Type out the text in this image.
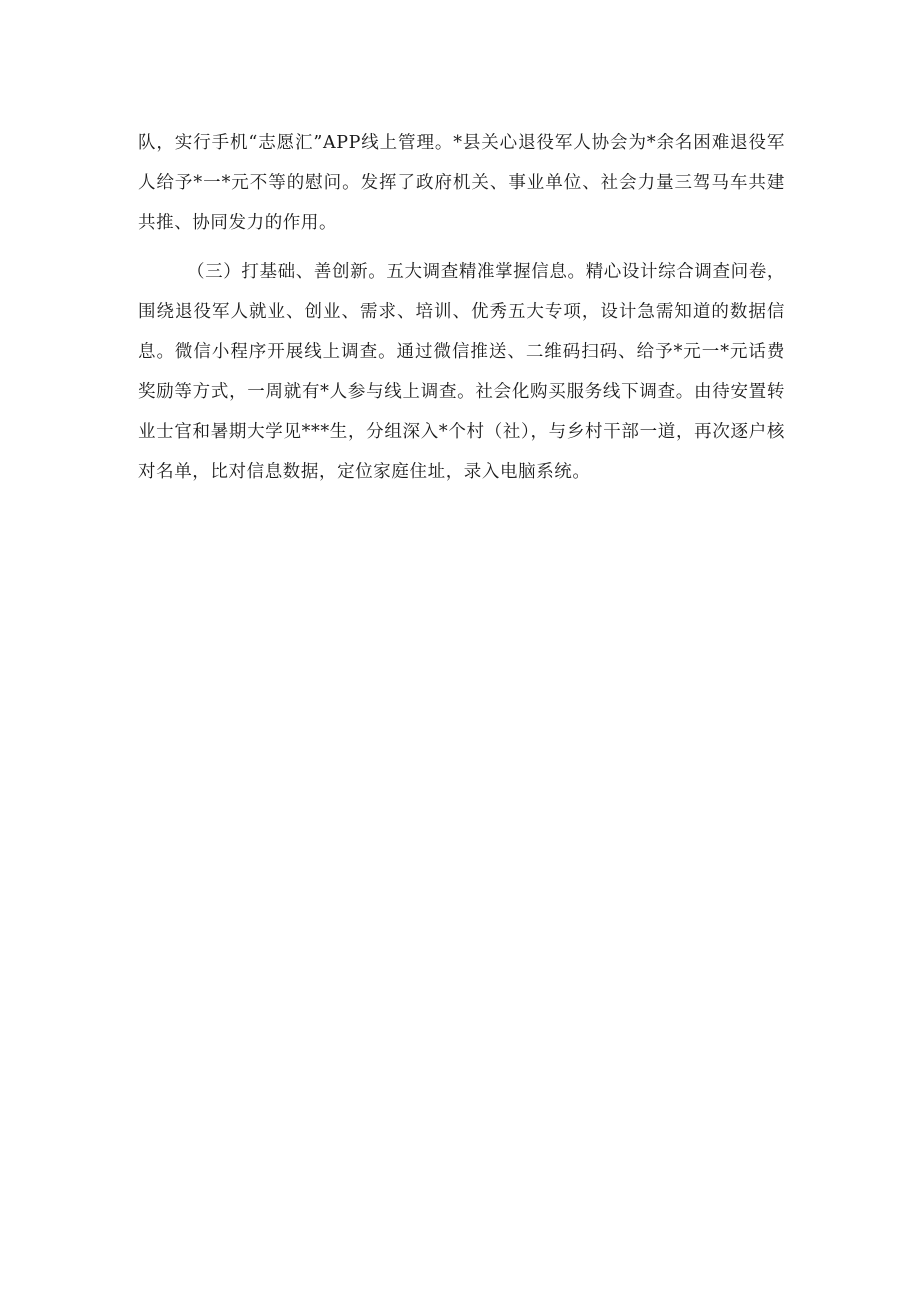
队，实行手机“志愿汇”APP线上管理。*县关心退役军人协会为*余名困难退役军人给予*一*元不等的慰问。发挥了政府机关、事业单位、社会力量三驾马车共建共推、协同发力的作用。

（三）打基础、善创新。五大调查精准掌握信息。精心设计综合调查问卷，围绕退役军人就业、创业、需求、培训、优秀五大专项，设计急需知道的数据信息。微信小程序开展线上调查。通过微信推送、二维码扫码、给予*元一*元话费奖励等方式，一周就有*人参与线上调查。社会化购买服务线下调查。由待安置转业士官和暑期大学见***生，分组深入*个村（社），与乡村干部一道，再次逐户核对名单，比对信息数据，定位家庭住址，录入电脑系统。
